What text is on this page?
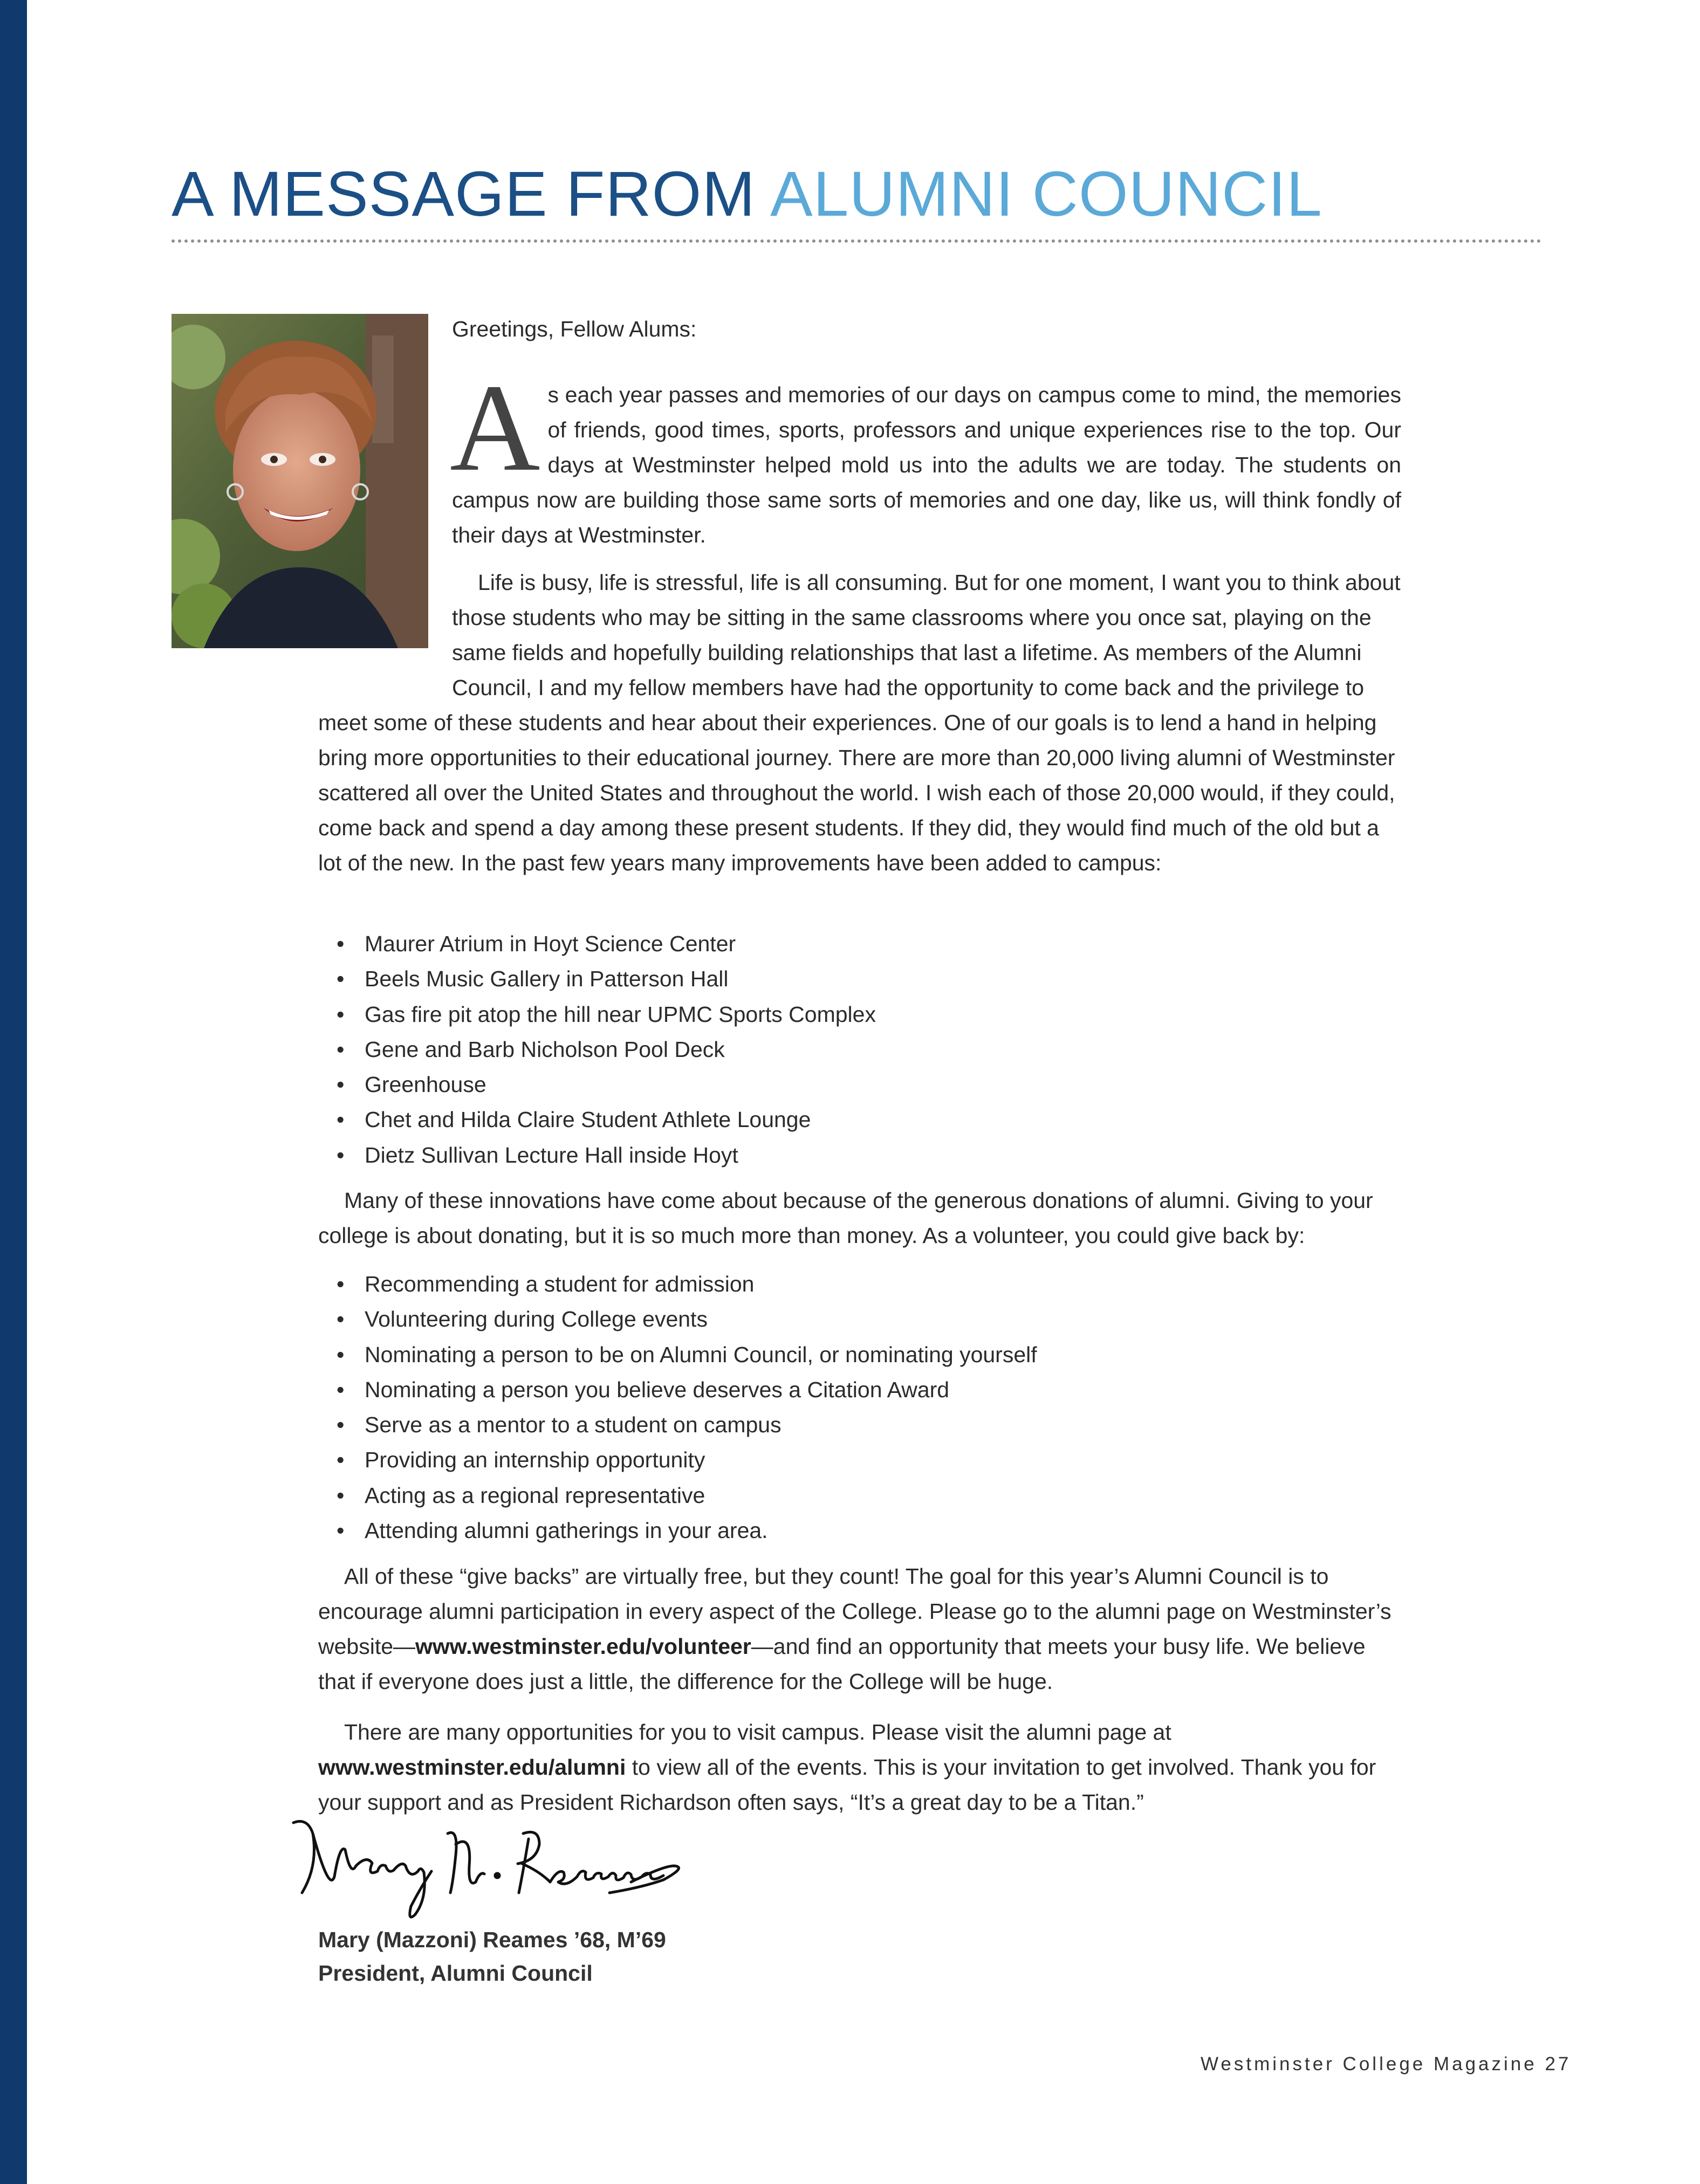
A MESSAGE FROM ALUMNI COUNCIL

Greetings, Fellow Alums:

As each year passes and memories of our days on campus come to mind, the memories of friends, good times, sports, professors and unique experiences rise to the top. Our days at Westminster helped mold us into the adults we are today. The students on campus now are building those same sorts of memories and one day, like us, will think fondly of their days at Westminster.
Life is busy, life is stressful, life is all consuming. But for one moment, I want you to think about those students who may be sitting in the same classrooms where you once sat, playing on the same fields and hopefully building relationships that last a lifetime. As members of the Alumni Council, I and my fellow members have had the opportunity to come back and the privilege to meet some of these students and hear about their experiences. One of our goals is to lend a hand in helping bring more opportunities to their educational journey. There are more than 20,000 living alumni of Westminster scattered all over the United States and throughout the world. I wish each of those 20,000 would, if they could, come back and spend a day among these present students. If they did, they would find much of the old but a lot of the new. In the past few years many improvements have been added to campus:
• Maurer Atrium in Hoyt Science Center
• Beels Music Gallery in Patterson Hall
• Gas fire pit atop the hill near UPMC Sports Complex
• Gene and Barb Nicholson Pool Deck
• Greenhouse
• Chet and Hilda Claire Student Athlete Lounge
• Dietz Sullivan Lecture Hall inside Hoyt
Many of these innovations have come about because of the generous donations of alumni. Giving to your college is about donating, but it is so much more than money. As a volunteer, you could give back by:
• Recommending a student for admission
• Volunteering during College events
• Nominating a person to be on Alumni Council, or nominating yourself
• Nominating a person you believe deserves a Citation Award
• Serve as a mentor to a student on campus
• Providing an internship opportunity
• Acting as a regional representative
• Attending alumni gatherings in your area.
All of these “give backs” are virtually free, but they count! The goal for this year’s Alumni Council is to encourage alumni participation in every aspect of the College. Please go to the alumni page on Westminster’s website—www.westminster.edu/volunteer—and find an opportunity that meets your busy life. We believe that if everyone does just a little, the difference for the College will be huge.
There are many opportunities for you to visit campus. Please visit the alumni page at www.westminster.edu/alumni to view all of the events. This is your invitation to get involved. Thank you for your support and as President Richardson often says, “It’s a great day to be a Titan.”
Mary (Mazzoni) Reames ’68, M’69
President, Alumni Council
Westminster College Magazine 27
